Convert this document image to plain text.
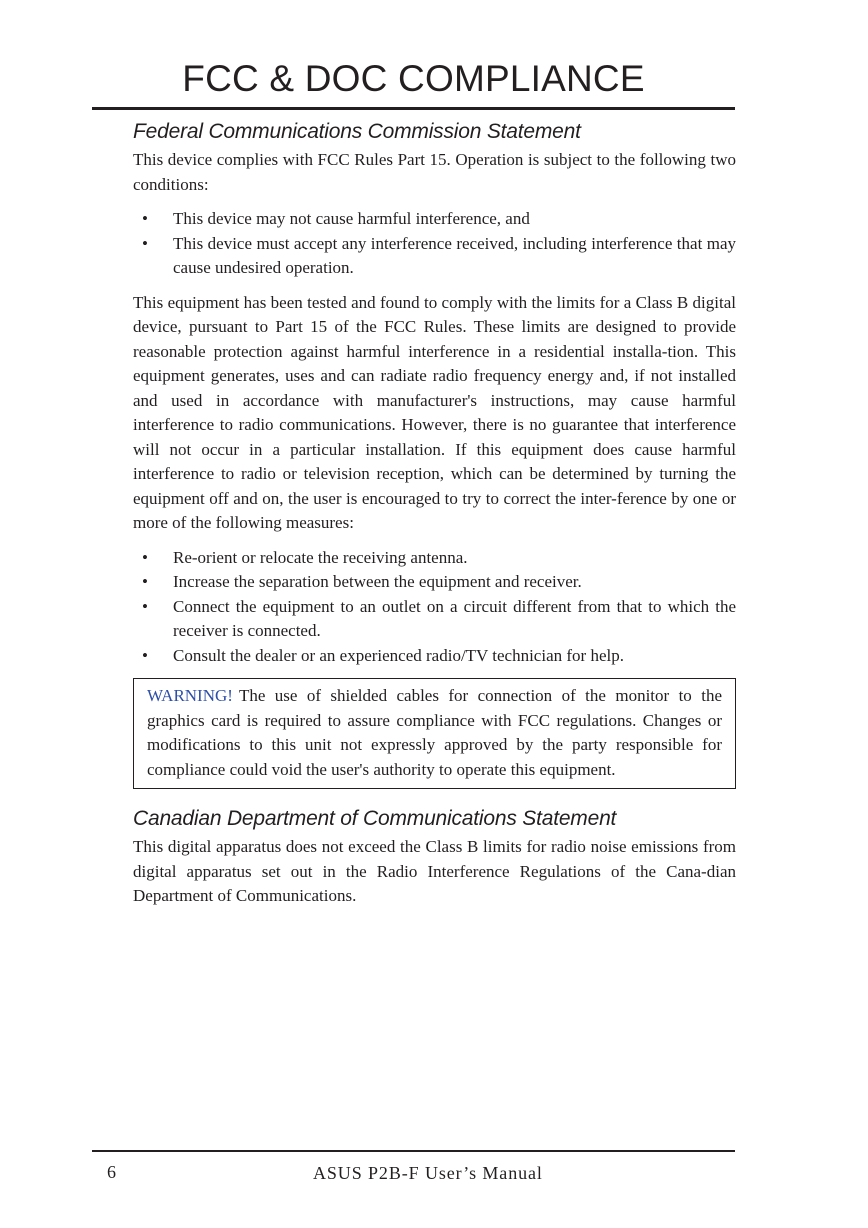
FCC & DOC COMPLIANCE
Federal Communications Commission Statement

This device complies with FCC Rules Part 15. Operation is subject to the following two conditions:

• This device may not cause harmful interference, and
• This device must accept any interference received, including interference that may cause undesired operation.

This equipment has been tested and found to comply with the limits for a Class B digital device, pursuant to Part 15 of the FCC Rules. These limits are designed to provide reasonable protection against harmful interference in a residential installa-tion. This equipment generates, uses and can radiate radio frequency energy and, if not installed and used in accordance with manufacturer's instructions, may cause harmful interference to radio communications. However, there is no guarantee that interference will not occur in a particular installation. If this equipment does cause harmful interference to radio or television reception, which can be determined by turning the equipment off and on, the user is encouraged to try to correct the inter-ference by one or more of the following measures:

• Re-orient or relocate the receiving antenna.
• Increase the separation between the equipment and receiver.
• Connect the equipment to an outlet on a circuit different from that to which the receiver is connected.
• Consult the dealer or an experienced radio/TV technician for help.
WARNING! The use of shielded cables for connection of the monitor to the graphics card is required to assure compliance with FCC regulations. Changes or modifications to this unit not expressly approved by the party responsible for compliance could void the user's authority to operate this equipment.
Canadian Department of Communications Statement

This digital apparatus does not exceed the Class B limits for radio noise emissions from digital apparatus set out in the Radio Interference Regulations of the Cana-dian Department of Communications.

6	ASUS P2B-F User’s Manual
